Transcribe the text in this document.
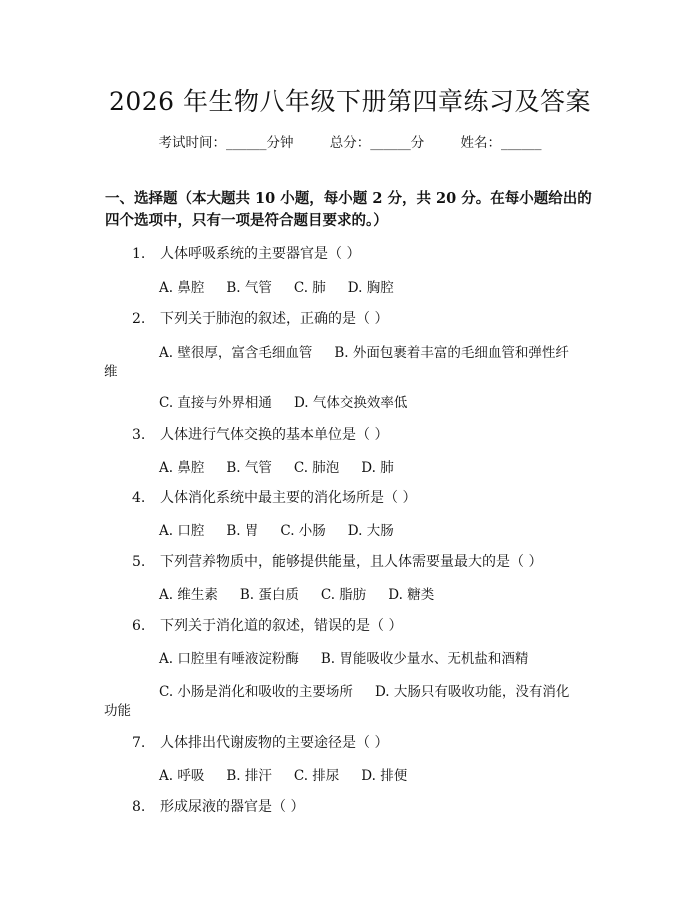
2026 年生物八年级下册第四章练习及答案
考试时间：______分钟	总分：______分	姓名：______
一、选择题（本大题共 10 小题，每小题 2 分，共 20 分。在每小题给出的四个选项中，只有一项是符合题目要求的。）
1. 人体呼吸系统的主要器官是（ ）
A. 鼻腔 B. 气管 C. 肺 D. 胸腔
2. 下列关于肺泡的叙述，正确的是（ ）
A. 壁很厚，富含毛细血管 B. 外面包裹着丰富的毛细血管和弹性纤
维
C. 直接与外界相通 D. 气体交换效率低
3. 人体进行气体交换的基本单位是（ ）
A. 鼻腔 B. 气管 C. 肺泡 D. 肺
4. 人体消化系统中最主要的消化场所是（ ）
A. 口腔 B. 胃 C. 小肠 D. 大肠
5. 下列营养物质中，能够提供能量，且人体需要量最大的是（ ）
A. 维生素 B. 蛋白质 C. 脂肪 D. 糖类
6. 下列关于消化道的叙述，错误的是（ ）
A. 口腔里有唾液淀粉酶 B. 胃能吸收少量水、无机盐和酒精
C. 小肠是消化和吸收的主要场所 D. 大肠只有吸收功能，没有消化
功能
7. 人体排出代谢废物的主要途径是（ ）
A. 呼吸 B. 排汗 C. 排尿 D. 排便
8. 形成尿液的器官是（ ）
